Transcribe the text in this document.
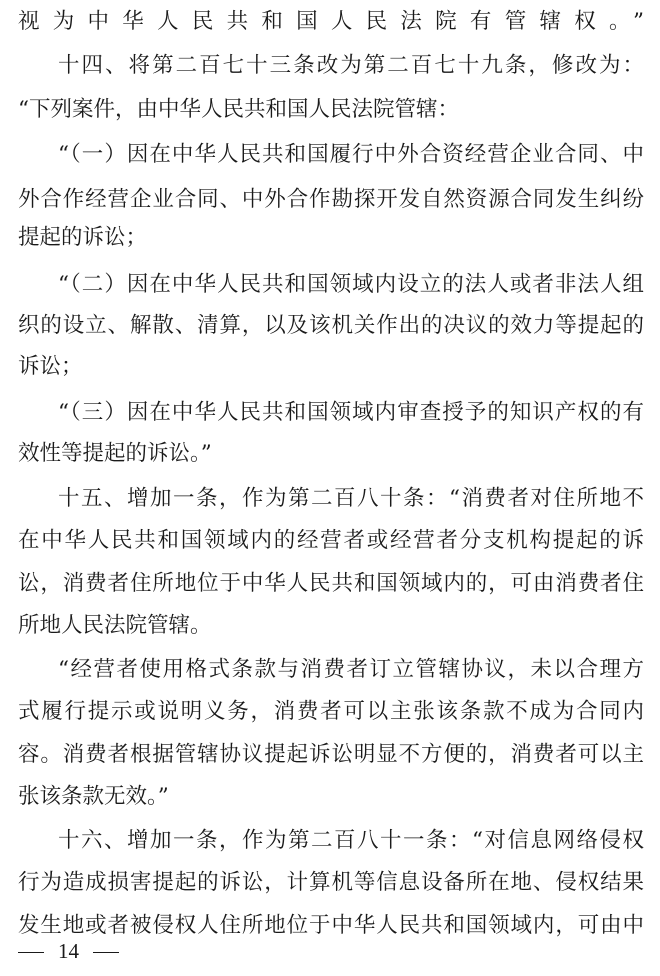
视为中华人民共和国人民法院有管辖权。”
十四、将第二百七十三条改为第二百七十九条，修改为：
“下列案件，由中华人民共和国人民法院管辖：
“（一）因在中华人民共和国履行中外合资经营企业合同、中
外合作经营企业合同、中外合作勘探开发自然资源合同发生纠纷
提起的诉讼；
“（二）因在中华人民共和国领域内设立的法人或者非法人组
织的设立、解散、清算，以及该机关作出的决议的效力等提起的
诉讼；
“（三）因在中华人民共和国领域内审查授予的知识产权的有
效性等提起的诉讼。”
十五、增加一条，作为第二百八十条：“消费者对住所地不
在中华人民共和国领域内的经营者或经营者分支机构提起的诉
讼，消费者住所地位于中华人民共和国领域内的，可由消费者住
所地人民法院管辖。
“经营者使用格式条款与消费者订立管辖协议，未以合理方
式履行提示或说明义务，消费者可以主张该条款不成为合同内
容。消费者根据管辖协议提起诉讼明显不方便的，消费者可以主
张该条款无效。”
十六、增加一条，作为第二百八十一条：“对信息网络侵权
行为造成损害提起的诉讼，计算机等信息设备所在地、侵权结果
发生地或者被侵权人住所地位于中华人民共和国领域内，可由中
14
